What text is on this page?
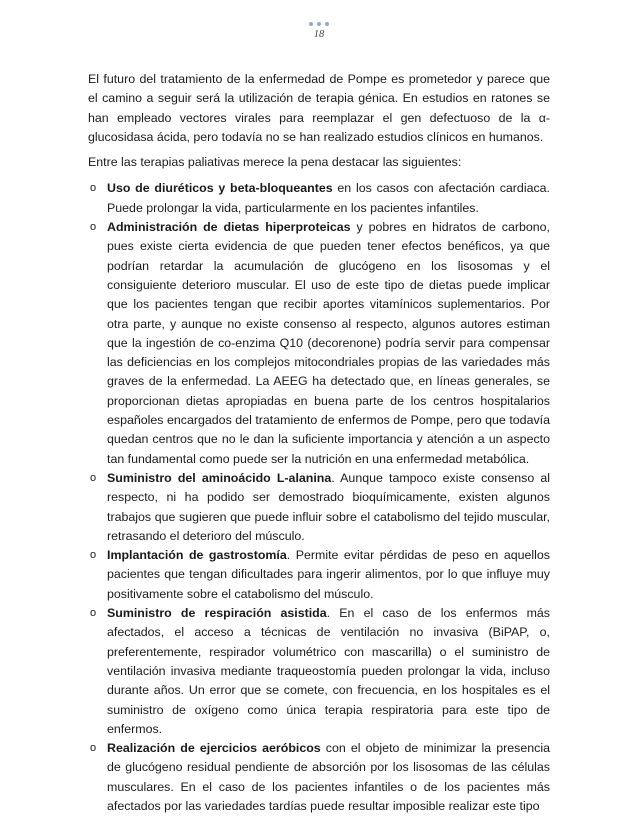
18

El futuro del tratamiento de la enfermedad de Pompe es prometedor y parece que el camino a seguir será la utilización de terapia génica. En estudios en ratones se han empleado vectores virales para reemplazar el gen defectuoso de la α-glucosidasa ácida, pero todavía no se han realizado estudios clínicos en humanos.

Entre las terapias paliativas merece la pena destacar las siguientes:

o Uso de diuréticos y beta-bloqueantes en los casos con afectación cardiaca. Puede prolongar la vida, particularmente en los pacientes infantiles.
o Administración de dietas hiperproteicas y pobres en hidratos de carbono, pues existe cierta evidencia de que pueden tener efectos benéficos, ya que podrían retardar la acumulación de glucógeno en los lisosomas y el consiguiente deterioro muscular. El uso de este tipo de dietas puede implicar que los pacientes tengan que recibir aportes vitamínicos suplementarios. Por otra parte, y aunque no existe consenso al respecto, algunos autores estiman que la ingestión de co-enzima Q10 (decorenone) podría servir para compensar las deficiencias en los complejos mitocondriales propias de las variedades más graves de la enfermedad. La AEEG ha detectado que, en líneas generales, se proporcionan dietas apropiadas en buena parte de los centros hospitalarios españoles encargados del tratamiento de enfermos de Pompe, pero que todavía quedan centros que no le dan la suficiente importancia y atención a un aspecto tan fundamental como puede ser la nutrición en una enfermedad metabólica.
o Suministro del aminoácido L-alanina. Aunque tampoco existe consenso al respecto, ni ha podido ser demostrado bioquímicamente, existen algunos trabajos que sugieren que puede influir sobre el catabolismo del tejido muscular, retrasando el deterioro del músculo.
o Implantación de gastrostomía. Permite evitar pérdidas de peso en aquellos pacientes que tengan dificultades para ingerir alimentos, por lo que influye muy positivamente sobre el catabolismo del músculo.
o Suministro de respiración asistida. En el caso de los enfermos más afectados, el acceso a técnicas de ventilación no invasiva (BiPAP, o, preferentemente, respirador volumétrico con mascarilla) o el suministro de ventilación invasiva mediante traqueostomía pueden prolongar la vida, incluso durante años. Un error que se comete, con frecuencia, en los hospitales es el suministro de oxígeno como única terapia respiratoria para este tipo de enfermos.
o Realización de ejercicios aeróbicos con el objeto de minimizar la presencia de glucógeno residual pendiente de absorción por los lisosomas de las células musculares. En el caso de los pacientes infantiles o de los pacientes más afectados por las variedades tardías puede resultar imposible realizar este tipo
